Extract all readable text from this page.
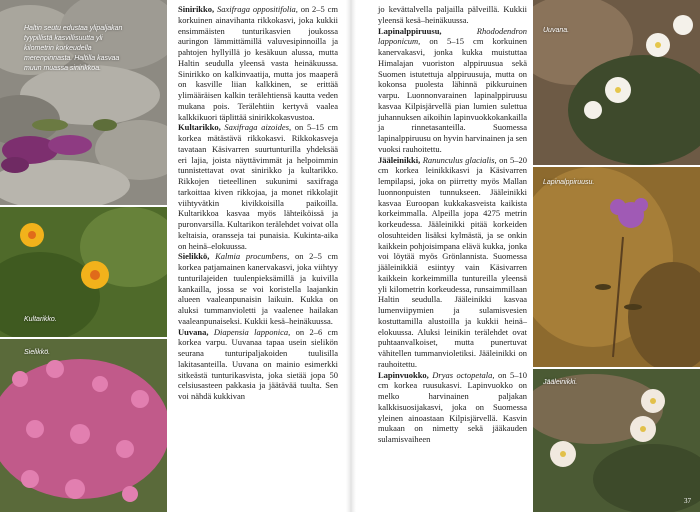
Haltin seutu edustaa ylipaljakan tyypillistä kasvillisuutta yli kilometrin korkeudella merenpinnasta. Haltilla kasvaa muun muassa sinirikkoa.
Kultarikko.
Sielikkö.
Uuvana.
Lapinalppiruusu.
Jääleinikki.
37

Sinirikko, Saxifraga oppositifolia, on 2–5 cm korkuinen ainavihanta rikkokasvi, joka kukkii ensimmäisten tunturikasvien joukossa auringon lämmittämillä valuvesipinnoilla ja pahtojen hyllyillä jo kesäkuun alussa, mutta Haltin seudulla yleensä vasta heinäkuussa. Sinirikko on kalkinvaatija, mutta jos maaperä on kasville liian kalkkinen, se erittää ylimääräisen kalkin terälehtiensä kautta veden mukana pois. Terälehtiin kertyvä vaalea kalkkikuori täplittää sinirikkokasvustoa.

Kultarikko, Saxifraga aizoides, on 5–15 cm korkea mätästävä rikkokasvi. Rikkokasveja tavataan Käsivarren suurtunturilla yhdeksää eri lajia, joista näyttävimmät ja helpoimmin tunnistettavat ovat sinirikko ja kultarikko. Rikkojen tieteellinen sukunimi saxifraga tarkoittaa kiven rikkojaa, ja monet rikkolajit viihtyvätkin kivikkoisilla paikoilla. Kultarikkoa kasvaa myös lähteiköissä ja puronvarsilla. Kultarikon terälehdet voivat olla keltaisia, oransseja tai punaisia. Kukinta-aika on heinä–elokuussa.

Sielikkö, Kalmia procumbens, on 2–5 cm korkea patjamainen kanervakasvi, joka viihtyy tunturilajeiden tuulenpieksämillä ja kuivilla kankailla, jossa se voi koristella laajankin alueen vaaleanpunaisin laikuin. Kukka on aluksi tummanvioletti ja vaalenee hailakan vaaleanpunaiseksi. Kukkii kesä–heinäkuussa.

Uuvana, Diapensia lapponica, on 2–6 cm korkea varpu. Uuvanaa tapaa usein sielikön seurana tunturipaljakoiden tuulisilla lakitasanteilla. Uuvana on mainio esimerkki sitkeästä tunturikasvista, joka sietää jopa 50 celsiusasteen pakkasia ja jäätävää tuulta. Sen voi nähdä kukkivan

jo kevättalvella paljailla pälveillä. Kukkii yleensä kesä–heinäkuussa.

Lapinalppiruusu,	Rhododendron lapponicum, on 5–15 cm korkuinen kanervakasvi, jonka kukka muistuttaa Himalajan vuoriston alppiruusua sekä Suomen istutettuja alppiruusuja, mutta on kokonsa puolesta lähinnä pikkuruinen varpu. Luonnonvarainen lapinalppiruusu kasvaa Kilpisjärvellä pian lumien sulettua juhannuksen aikoihin lapinvuokkokankailla ja rinnetasanteilla. Suomessa lapinalppiruusu on hyvin harvinainen ja sen vuoksi rauhoitettu.

Jääleinikki, Ranunculus glacialis, on 5–20 cm korkea leinikkikasvi ja Käsivarren lempilapsi, joka on piirretty myös Mallan luonnonpuisten tunnukseen. Jääleinikki kasvaa Euroopan kukkakasveista kaikista korkeimmalla. Alpeilla jopa 4275 metrin korkeudessa. Jääleinikki pitää korkeiden olosuhteiden lisäksi kylmästä, ja se onkin kaikkein pohjoisimpana elävä kukka, jonka voi löytää myös Grönlannista. Suomessa jääleinikkiä esiintyy vain Käsivarren kaikkein korkeimmilla tuntureilla yleensä yli kilometrin korkeudessa, runsaimmillaan Haltin seudulla. Jääleinikki kasvaa lumenviipymien ja sulamisvesien kostuttamilla alustoilla ja kukkii heinä–elokuussa. Aluksi leinikin terälehdet ovat puhtaanvalkoiset, mutta punertuvat vähitellen tummanvioletiksi. Jääleinikki on rauhoitettu.

Lapinvuokko, Dryas octopetala, on 5–10 cm korkea ruusukasvi. Lapinvuokko on melko harvinainen paljakan kalkkisuosijakasvi, joka on Suomessa yleinen ainoastaan Kilpisjärvellä. Kasvin mukaan on nimetty sekä jääkauden sulamisvaiheen
